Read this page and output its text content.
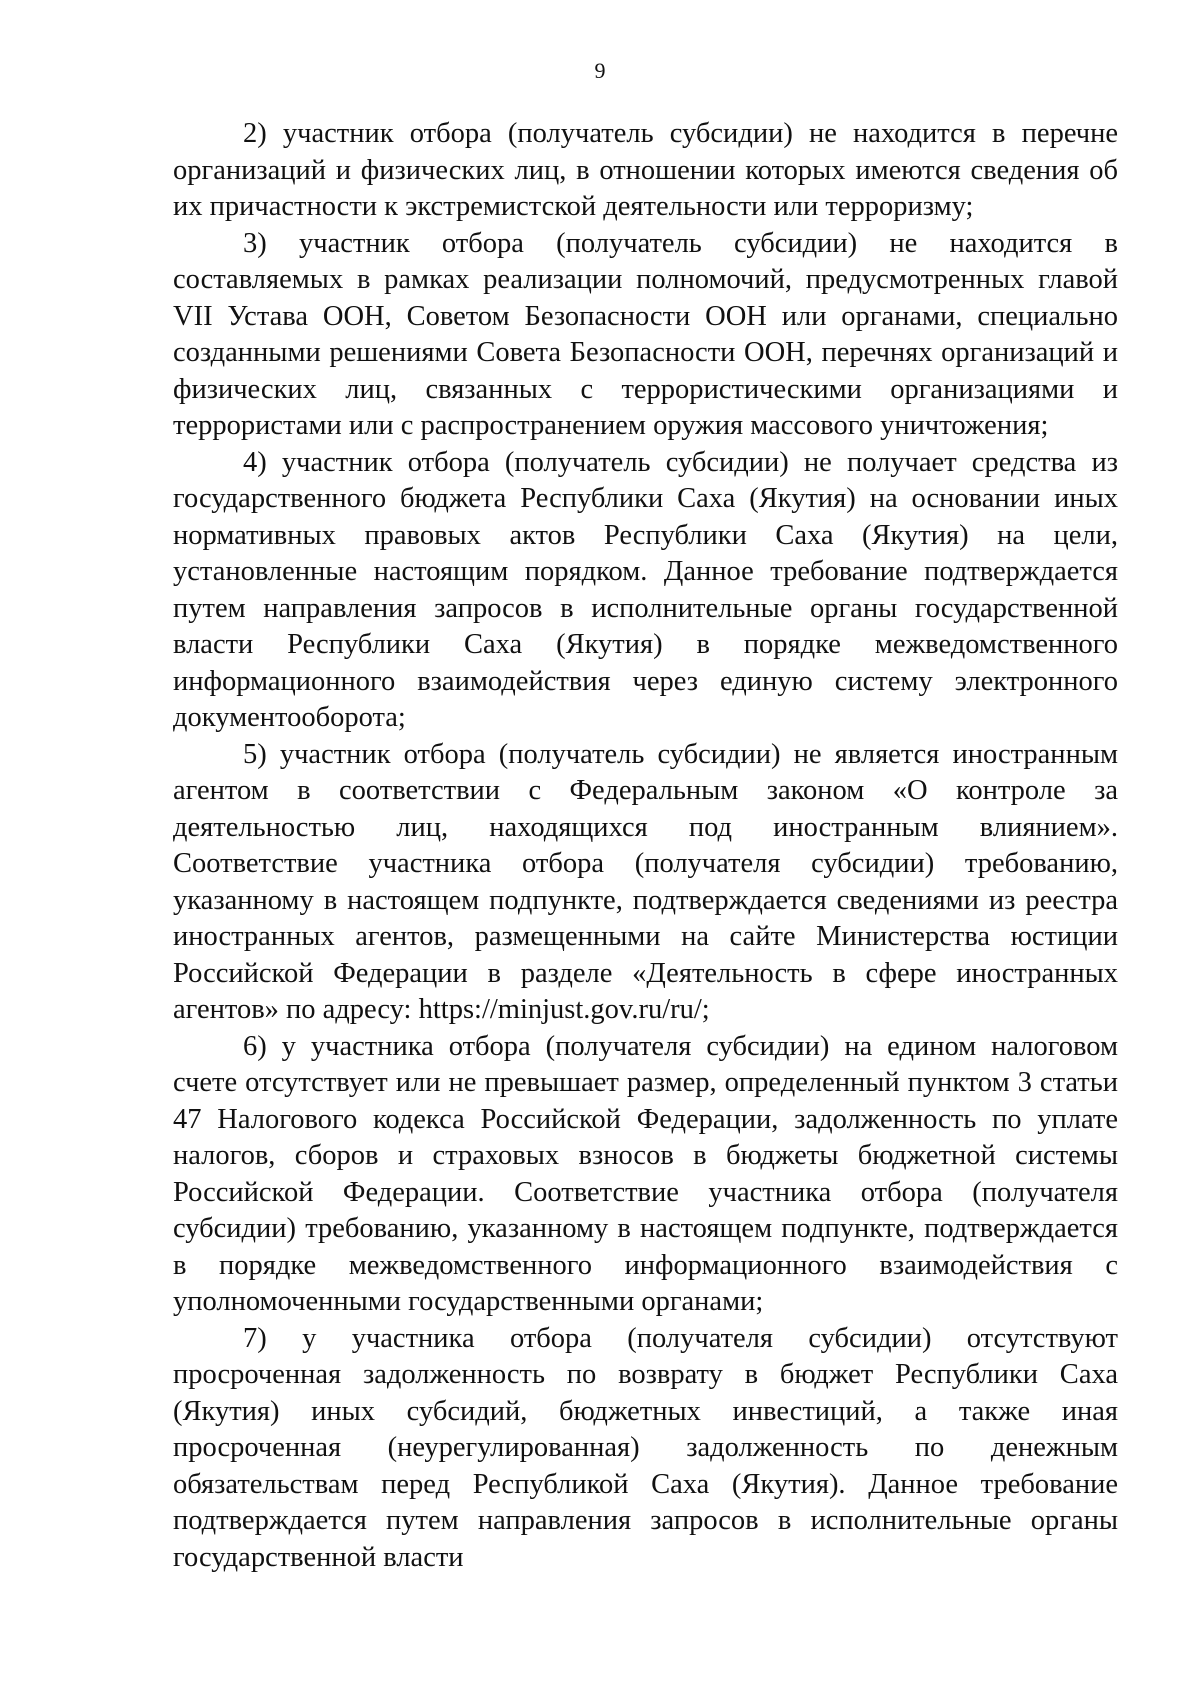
9

2) участник отбора (получатель субсидии) не находится в перечне организаций и физических лиц, в отношении которых имеются сведения об их причастности к экстремистской деятельности или терроризму;

3) участник отбора (получатель субсидии) не находится в составляемых в рамках реализации полномочий, предусмотренных главой VII Устава ООН, Советом Безопасности ООН или органами, специально созданными решениями Совета Безопасности ООН, перечнях организаций и физических лиц, связанных с террористическими организациями и террористами или с распространением оружия массового уничтожения;

4) участник отбора (получатель субсидии) не получает средства из государственного бюджета Республики Саха (Якутия) на основании иных нормативных правовых актов Республики Саха (Якутия) на цели, установленные настоящим порядком. Данное требование подтверждается путем направления запросов в исполнительные органы государственной власти Республики Саха (Якутия) в порядке межведомственного информационного взаимодействия через единую систему электронного документооборота;

5) участник отбора (получатель субсидии) не является иностранным агентом в соответствии с Федеральным законом «О контроле за деятельностью лиц, находящихся под иностранным влиянием». Соответствие участника отбора (получателя субсидии) требованию, указанному в настоящем подпункте, подтверждается сведениями из реестра иностранных агентов, размещенными на сайте Министерства юстиции Российской Федерации в разделе «Деятельность в сфере иностранных агентов» по адресу: https://minjust.gov.ru/ru/;

6) у участника отбора (получателя субсидии) на едином налоговом счете отсутствует или не превышает размер, определенный пунктом 3 статьи 47 Налогового кодекса Российской Федерации, задолженность по уплате налогов, сборов и страховых взносов в бюджеты бюджетной системы Российской Федерации. Соответствие участника отбора (получателя субсидии) требованию, указанному в настоящем подпункте, подтверждается в порядке межведомственного информационного взаимодействия с уполномоченными государственными органами;

7) у участника отбора (получателя субсидии) отсутствуют просроченная задолженность по возврату в бюджет Республики Саха (Якутия) иных субсидий, бюджетных инвестиций, а также иная просроченная (неурегулированная) задолженность по денежным обязательствам перед Республикой Саха (Якутия). Данное требование подтверждается путем направления запросов в исполнительные органы государственной власти
